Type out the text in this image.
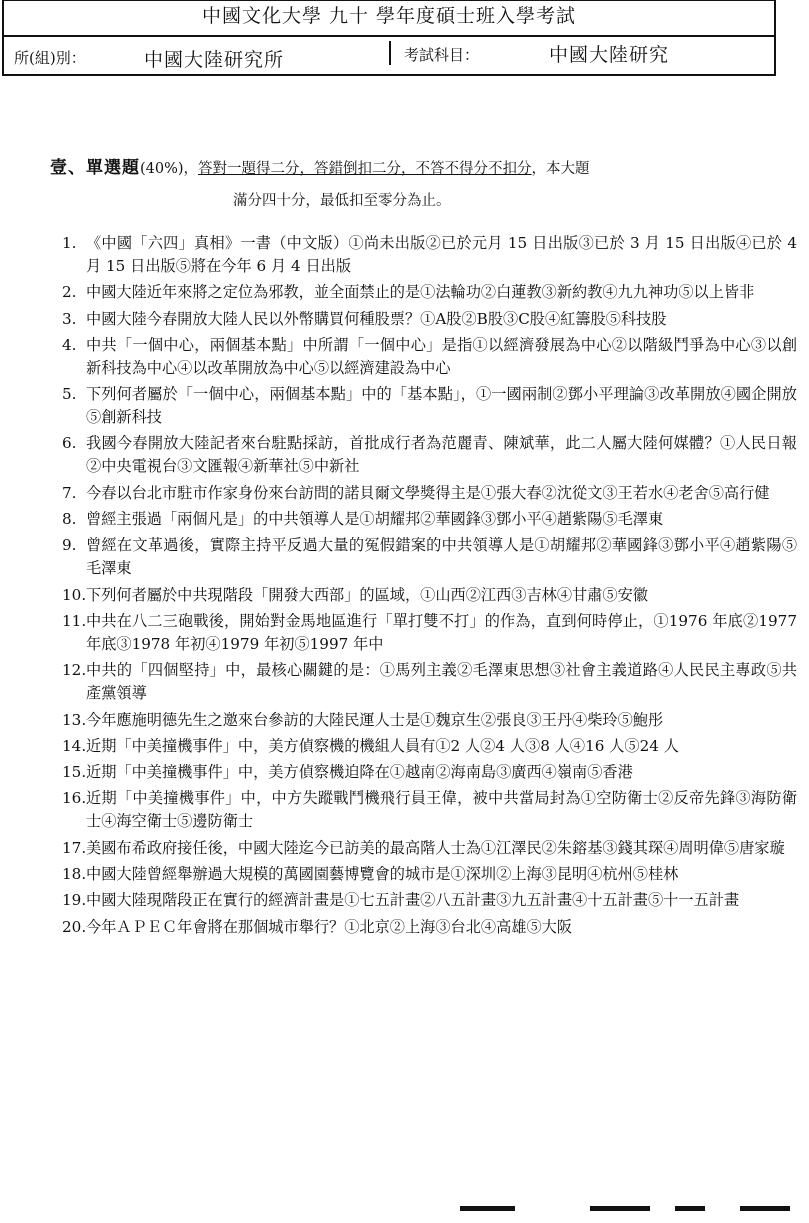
中國文化大學 九十 學年度碩士班入學考試
所(組)別：	中國大陸研究所	考試科目：	中國大陸研究
壹、單選題(40%)，答對一題得二分，答錯倒扣二分，不答不得分不扣分，本大題
滿分四十分，最低扣至零分為止。
1. 《中國「六四」真相》一書（中文版）①尚未出版②已於元月 15 日出版③已於 3 月 15 日出版④已於 4 月 15 日出版⑤將在今年 6 月 4 日出版
2. 中國大陸近年來將之定位為邪教，並全面禁止的是①法輪功②白蓮教③新約教④九九神功⑤以上皆非
3. 中國大陸今春開放大陸人民以外幣購買何種股票？①A股②B股③C股④紅籌股⑤科技股
4. 中共「一個中心，兩個基本點」中所謂「一個中心」是指①以經濟發展為中心②以階級鬥爭為中心③以創新科技為中心④以改革開放為中心⑤以經濟建設為中心
5. 下列何者屬於「一個中心，兩個基本點」中的「基本點」，①一國兩制②鄧小平理論③改革開放④國企開放⑤創新科技
6. 我國今春開放大陸記者來台駐點採訪，首批成行者為范麗青、陳斌華，此二人屬大陸何媒體？①人民日報②中央電視台③文匯報④新華社⑤中新社
7. 今春以台北市駐市作家身份來台訪問的諾貝爾文學獎得主是①張大春②沈從文③王若水④老舍⑤高行健
8. 曾經主張過「兩個凡是」的中共領導人是①胡耀邦②華國鋒③鄧小平④趙紫陽⑤毛澤東
9. 曾經在文革過後，實際主持平反過大量的冤假錯案的中共領導人是①胡耀邦②華國鋒③鄧小平④趙紫陽⑤毛澤東
10. 下列何者屬於中共現階段「開發大西部」的區域，①山西②江西③吉林④甘肅⑤安徽
11. 中共在八二三砲戰後，開始對金馬地區進行「單打雙不打」的作為，直到何時停止，①1976 年底②1977 年底③1978 年初④1979 年初⑤1997 年中
12. 中共的「四個堅持」中，最核心關鍵的是：①馬列主義②毛澤東思想③社會主義道路④人民民主專政⑤共產黨領導
13. 今年應施明德先生之邀來台參訪的大陸民運人士是①魏京生②張良③王丹④柴玲⑤鮑彤
14. 近期「中美撞機事件」中，美方偵察機的機組人員有①2 人②4 人③8 人④16 人⑤24 人
15. 近期「中美撞機事件」中，美方偵察機迫降在①越南②海南島③廣西④嶺南⑤香港
16. 近期「中美撞機事件」中，中方失蹤戰鬥機飛行員王偉，被中共當局封為①空防衛士②反帝先鋒③海防衛士④海空衛士⑤邊防衛士
17. 美國布希政府接任後，中國大陸迄今已訪美的最高階人士為①江澤民②朱鎔基③錢其琛④周明偉⑤唐家璇
18. 中國大陸曾經舉辦過大規模的萬國園藝博覽會的城市是①深圳②上海③昆明④杭州⑤桂林
19. 中國大陸現階段正在實行的經濟計畫是①七五計畫②八五計畫③九五計畫④十五計畫⑤十一五計畫
20. 今年ＡＰＥＣ年會將在那個城市舉行？①北京②上海③台北④高雄⑤大阪
